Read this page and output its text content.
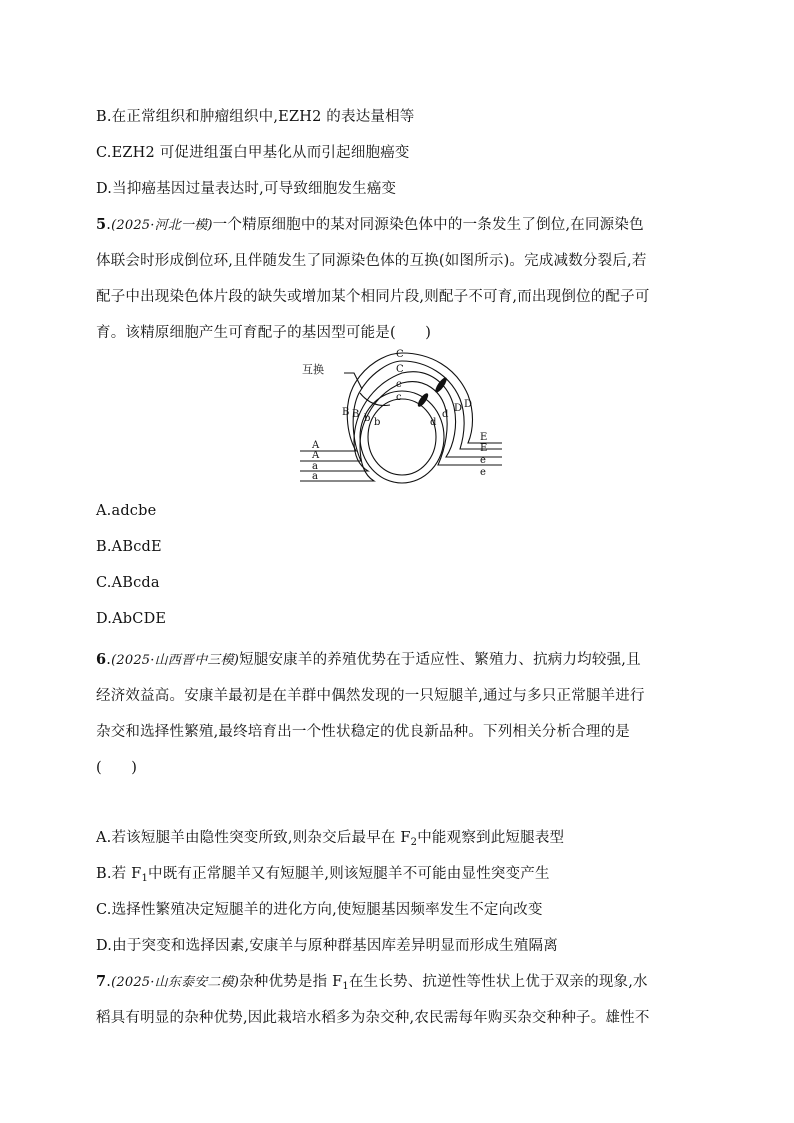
B.在正常组织和肿瘤组织中,EZH2 的表达量相等
C.EZH2 可促进组蛋白甲基化从而引起细胞癌变
D.当抑癌基因过量表达时,可导致细胞发生癌变
5.(2025·河北一模)一个精原细胞中的某对同源染色体中的一条发生了倒位,在同源染色
体联会时形成倒位环,且伴随发生了同源染色体的互换(如图所示)。完成减数分裂后,若
配子中出现染色体片段的缺失或增加某个相同片段,则配子不可育,而出现倒位的配子可
育。该精原细胞产生可育配子的基因型可能是(　　)
互换
C
C
c
c
B B b b
D
D
d
d
A
A
a
a
E
E
e
e
A.adcbe
B.ABcdE
C.ABcda
D.AbCDE
6.(2025·山西晋中三模)短腿安康羊的养殖优势在于适应性、繁殖力、抗病力均较强,且
经济效益高。安康羊最初是在羊群中偶然发现的一只短腿羊,通过与多只正常腿羊进行
杂交和选择性繁殖,最终培育出一个性状稳定的优良新品种。下列相关分析合理的是
(　　)
A.若该短腿羊由隐性突变所致,则杂交后最早在 $F_2$中能观察到此短腿表型
B.若 $F_1$中既有正常腿羊又有短腿羊,则该短腿羊不可能由显性突变产生
C.选择性繁殖决定短腿羊的进化方向,使短腿基因频率发生不定向改变
D.由于突变和选择因素,安康羊与原种群基因库差异明显而形成生殖隔离
7.(2025·山东泰安二模)杂种优势是指 $F_1$在生长势、抗逆性等性状上优于双亲的现象,水
稻具有明显的杂种优势,因此栽培水稻多为杂交种,农民需每年购买杂交种种子。雄性不
